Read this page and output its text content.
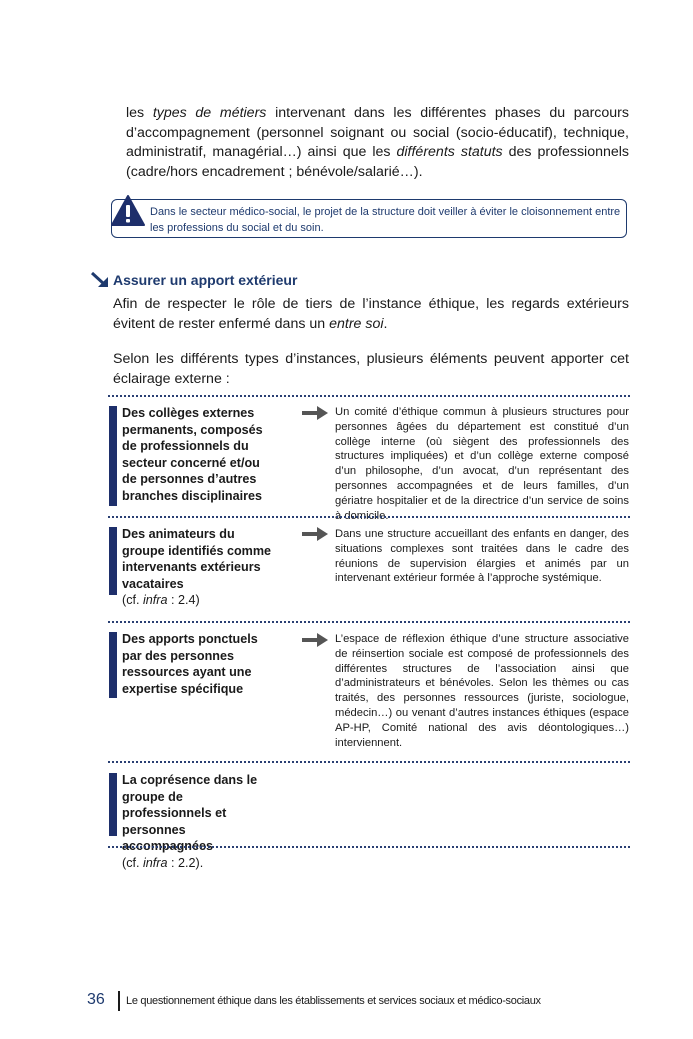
les types de métiers intervenant dans les différentes phases du parcours d’accompagnement (personnel soignant ou social (socio-éducatif), technique, administratif, managérial…) ainsi que les différents statuts des professionnels (cadre/hors encadrement ; bénévole/salarié…).

Dans le secteur médico-social, le projet de la structure doit veiller à éviter le cloisonnement entre les professions du social et du soin.

Assurer un apport extérieur

Afin de respecter le rôle de tiers de l’instance éthique, les regards extérieurs évitent de rester enfermé dans un entre soi.

Selon les différents types d’instances, plusieurs éléments peuvent apporter cet éclairage externe :

Des collèges externes permanents, composés de professionnels du secteur concerné et/ou de personnes d’autres branches disciplinaires

Un comité d’éthique commun à plusieurs structures pour personnes âgées du département est constitué d’un collège interne (où siègent des professionnels des structures impliquées) et d’un collège externe composé d’un philosophe, d’un avocat, d’un représentant des personnes accompagnées et de leurs familles, d’un gériatre hospitalier et de la directrice d’un service de soins à domicile.

Des animateurs du groupe identifiés comme intervenants extérieurs vacataires
(cf. infra : 2.4)

Dans une structure accueillant des enfants en danger, des situations complexes sont traitées dans le cadre des réunions de supervision élargies et animés par un intervenant extérieur formée à l’approche systémique.

Des apports ponctuels par des personnes ressources ayant une expertise spécifique

L’espace de réflexion éthique d’une structure associative de réinsertion sociale est composé de professionnels des différentes structures de l’association ainsi que d’administrateurs et bénévoles. Selon les thèmes ou cas traités, des personnes ressources (juriste, sociologue, médecin…) ou venant d’autres instances éthiques (espace AP-HP, Comité national des avis déontologiques…) interviennent.

La coprésence dans le groupe de professionnels et personnes accompagnées
(cf. infra : 2.2).

36 Le questionnement éthique dans les établissements et services sociaux et médico-sociaux
